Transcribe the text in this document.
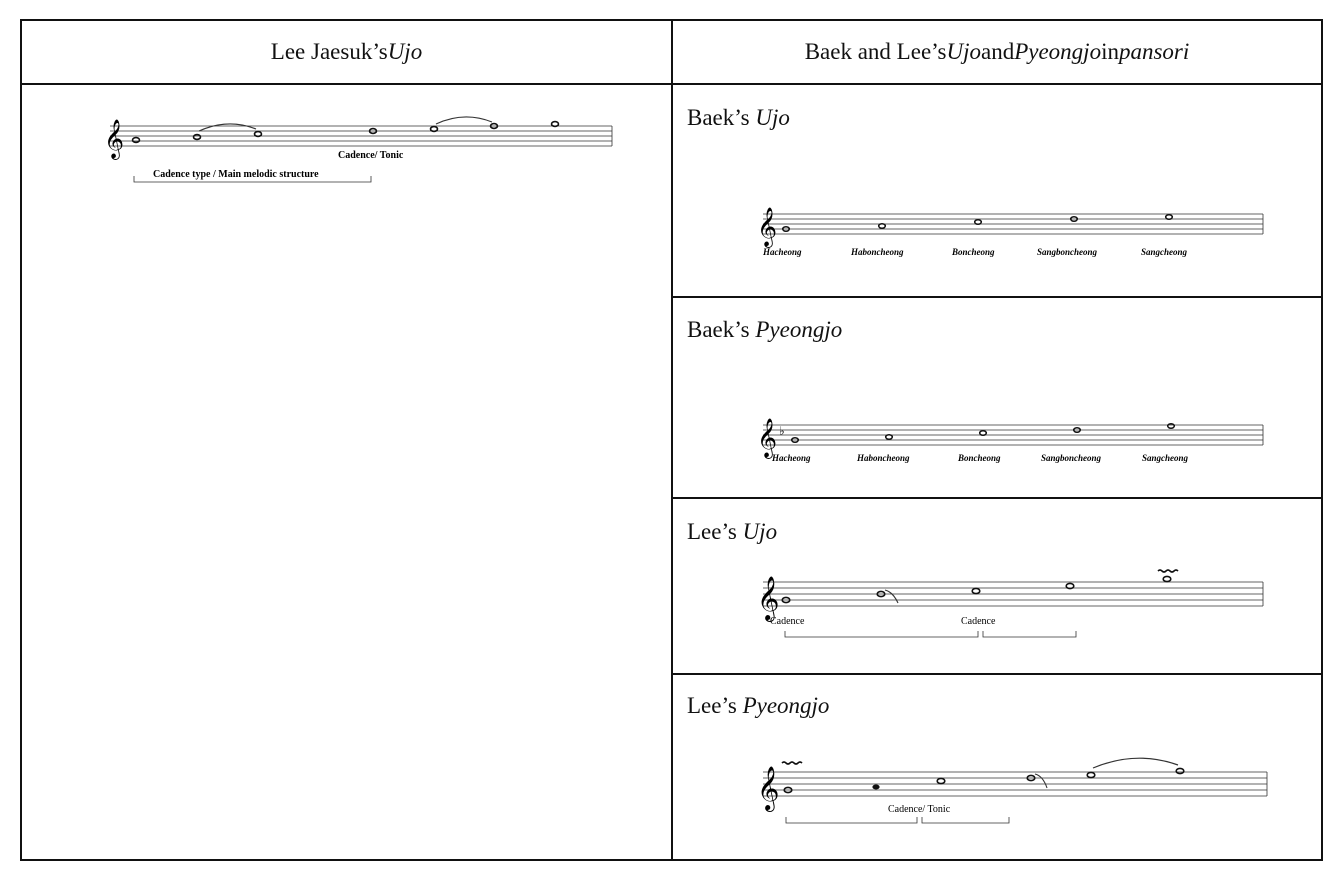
Lee Jaesuk’s Ujo	Baek and Lee’s Ujo and Pyeongjo in pansori
𝄞	Cadence/ Tonic
Cadence type / Main melodic structure
Baek’s Ujo
𝄞
Hacheong	Haboncheong	Boncheong	Sangboncheong	Sangcheong
Baek’s Pyeongjo
𝄞 ♭
Hacheong	Haboncheong	Boncheong	Sangboncheong	Sangcheong
Lee’s Ujo
𝄞
Cadence	Cadence
Lee’s Pyeongjo
𝄞	Cadence/ Tonic
